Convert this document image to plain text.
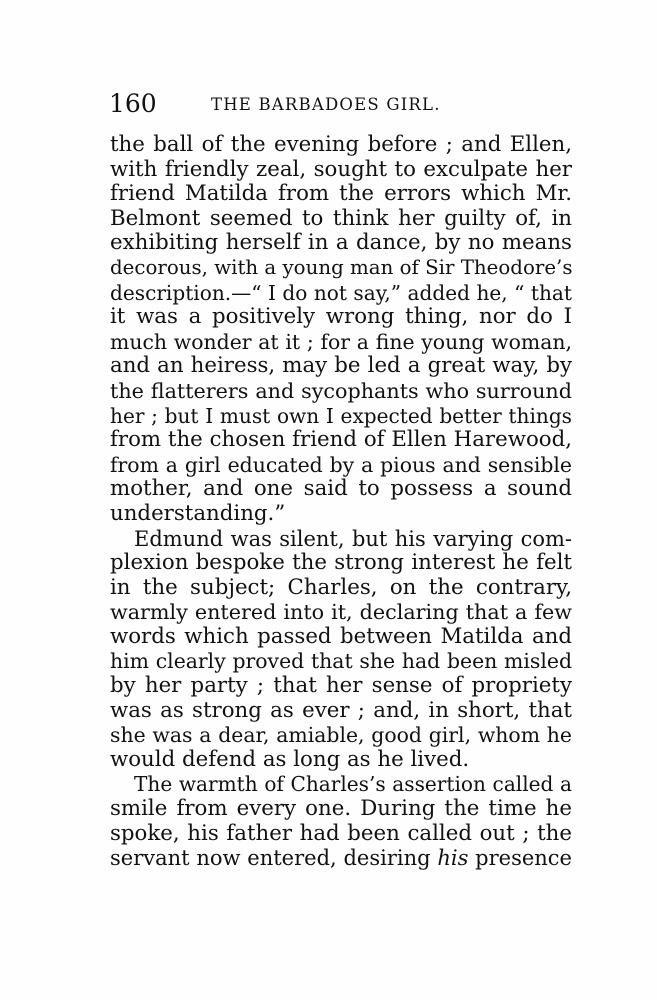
160	THE BARBADOES GIRL.
the ball of the evening before ; and Ellen,
with friendly zeal, sought to exculpate her
friend Matilda from the errors which Mr.
Belmont seemed to think her guilty of, in
exhibiting herself in a dance, by no means
decorous, with a young man of Sir Theodore’s
description.—“ I do not say,” added he, “ that
it was a positively wrong thing, nor do I
much wonder at it ; for a fine young woman,
and an heiress, may be led a great way, by
the flatterers and sycophants who surround
her ; but I must own I expected better things
from the chosen friend of Ellen Harewood,
from a girl educated by a pious and sensible
mother, and one said to possess a sound
understanding.”
Edmund was silent, but his varying com-
plexion bespoke the strong interest he felt
in the subject; Charles, on the contrary,
warmly entered into it, declaring that a few
words which passed between Matilda and
him clearly proved that she had been misled
by her party ; that her sense of propriety
was as strong as ever ; and, in short, that
she was a dear, amiable, good girl, whom he
would defend as long as he lived.
The warmth of Charles’s assertion called a
smile from every one. During the time he
spoke, his father had been called out ; the
servant now entered, desiring his presence
